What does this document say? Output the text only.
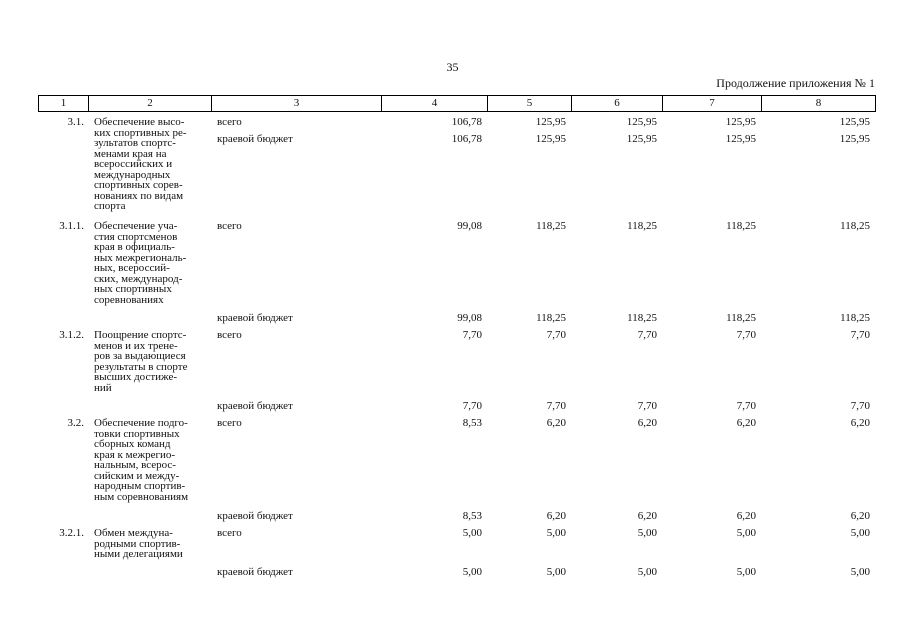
35
Продолжение приложения № 1
1	2	3	4	5	6	7	8
3.1. Обеспечение высо-
ких спортивных ре-
зультатов спортс-
менами края на
всероссийских и
международных
спортивных сорев-
нованиях по видам
спорта
всего	106,78	125,95	125,95	125,95	125,95
краевой бюджет	106,78	125,95	125,95	125,95	125,95
3.1.1. Обеспечение уча-
стия спортсменов
края в официаль-
ных межрегиональ-
ных, всероссий-
ских, международ-
ных спортивных
соревнованиях
всего	99,08	118,25	118,25	118,25	118,25
краевой бюджет	99,08	118,25	118,25	118,25	118,25
3.1.2. Поощрение спортс-
менов и их трене-
ров за выдающиеся
результаты в спорте
высших достиже-
ний
всего	7,70	7,70	7,70	7,70	7,70
краевой бюджет	7,70	7,70	7,70	7,70	7,70
3.2. Обеспечение подго-
товки спортивных
сборных команд
края к межрегио-
нальным, всерос-
сийским и между-
народным спортив-
ным соревнованиям
всего	8,53	6,20	6,20	6,20	6,20
краевой бюджет	8,53	6,20	6,20	6,20	6,20
3.2.1. Обмен междуна-
родными спортив-
ными делегациями
всего	5,00	5,00	5,00	5,00	5,00
краевой бюджет	5,00	5,00	5,00	5,00	5,00
